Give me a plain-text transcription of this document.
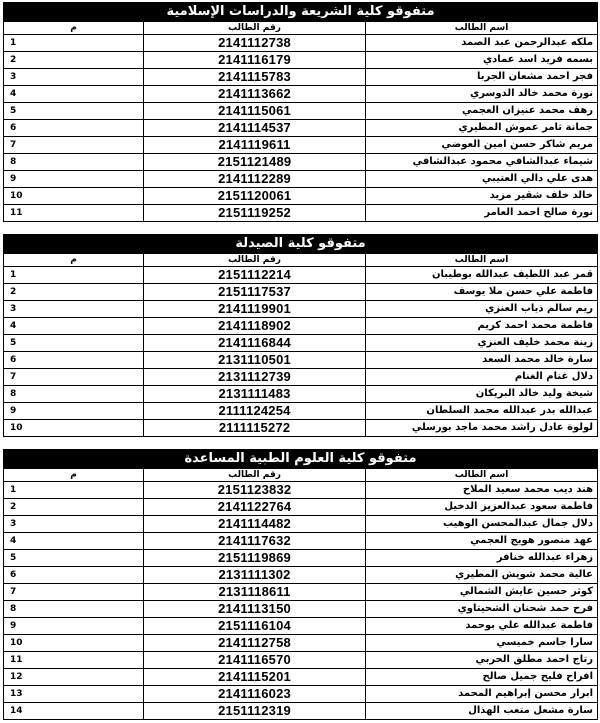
متفوقو كلية الشريعة والدراسات الإسلامية		
اسم الطالب	رقم الطالب	م
ملكه عبدالرحمن عبد الصمد	2141112738	1
بسمه فريد اسد عمادي	2141116179	2
فجر احمد مشعان الجربا	2141115783	3
نورة محمد خالد الدوسري	2141113662	4
رهف محمد عنيزان العجمي	2141115061	5
جمانة ثامر عموش المطيري	2141114537	6
مريم شاكر حسن امين العوضي	2141119611	7
شيماء عبدالشافي محمود عبدالشافي	2151121489	8
هدى علي دالي العتيبي	2141112289	9
خالد خلف شقير مزيد	2151120061	10
نورة صالح احمد العامر	2151119252	11
متفوقو كلية الصيدلة		
اسم الطالب	رقم الطالب	م
قمر عبد اللطيف عبدالله بوطيبان	2151112214	1
فاطمة علي حسن ملا يوسف	2151117537	2
ريم سالم ذياب العنزي	2141119901	3
فاطمة محمد احمد كريم	2141118902	4
زينة محمد خليف العنزي	2141116844	5
سارة خالد محمد السعد	2131110501	6
دلال غنام الغنام	2131112739	7
شيخة وليد خالد البريكان	2131111483	8
عبدالله بدر عبدالله محمد السلطان	2111124254	9
لولوة عادل راشد محمد ماجد بورسلي	2111115272	10
متفوقو كلية العلوم الطبية المساعدة		
اسم الطالب	رقم الطالب	م
هند ديب محمد سعيد الملاح	2151123832	1
فاطمة سعود عبدالعزيز الدخيل	2141122764	2
دلال جمال عبدالمحسن الوهيب	2141114482	3
عهد منصور هويج العجمي	2141117632	4
زهراء عبدالله خنافر	2151119869	5
عالية محمد شويش المطيري	2131111302	6
كوثر حسين عايش الشمالي	2131118611	7
فرح حمد شحنان الشحيتاوي	2141113150	8
فاطمة عبدالله علي بوحمد	2151116104	9
سارا جاسم خميسي	2141112758	10
رتاج احمد مطلق الحربي	2141116570	11
افراح فليح جميل صالح	2141115201	12
ابرار محسن إبراهيم المحمد	2141116023	13
سارة مشعل متعب الهذال	2151112319	14
